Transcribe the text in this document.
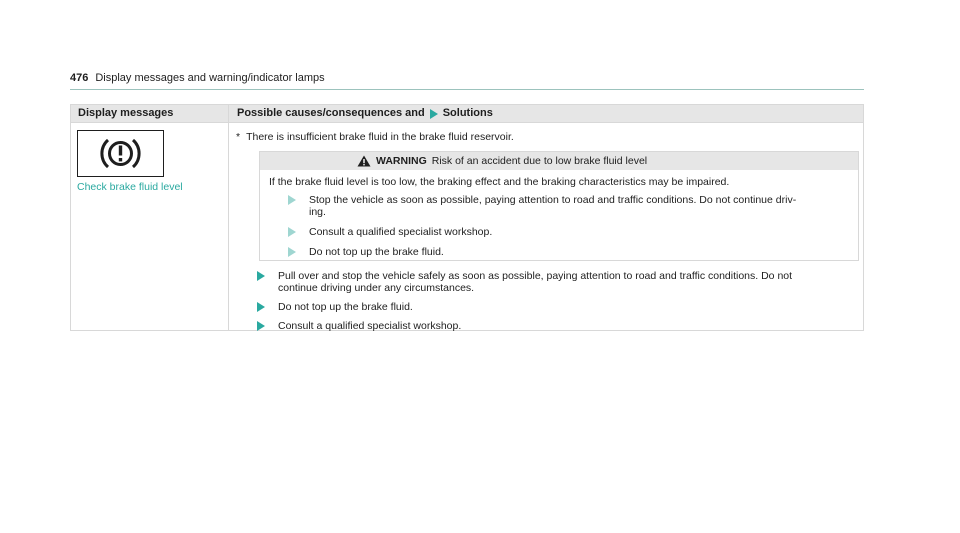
476 Display messages and warning/indicator lamps
Display messages	Possible causes/consequences and Solutions
Check brake fluid level
* There is insufficient brake fluid in the brake fluid reservoir.
WARNING Risk of an accident due to low brake fluid level
If the brake fluid level is too low, the braking effect and the braking characteristics may be impaired.
Stop the vehicle as soon as possible, paying attention to road and traffic conditions. Do not continue driv-
ing.
Consult a qualified specialist workshop.
Do not top up the brake fluid.
Pull over and stop the vehicle safely as soon as possible, paying attention to road and traffic conditions. Do not
continue driving under any circumstances.
Do not top up the brake fluid.
Consult a qualified specialist workshop.
